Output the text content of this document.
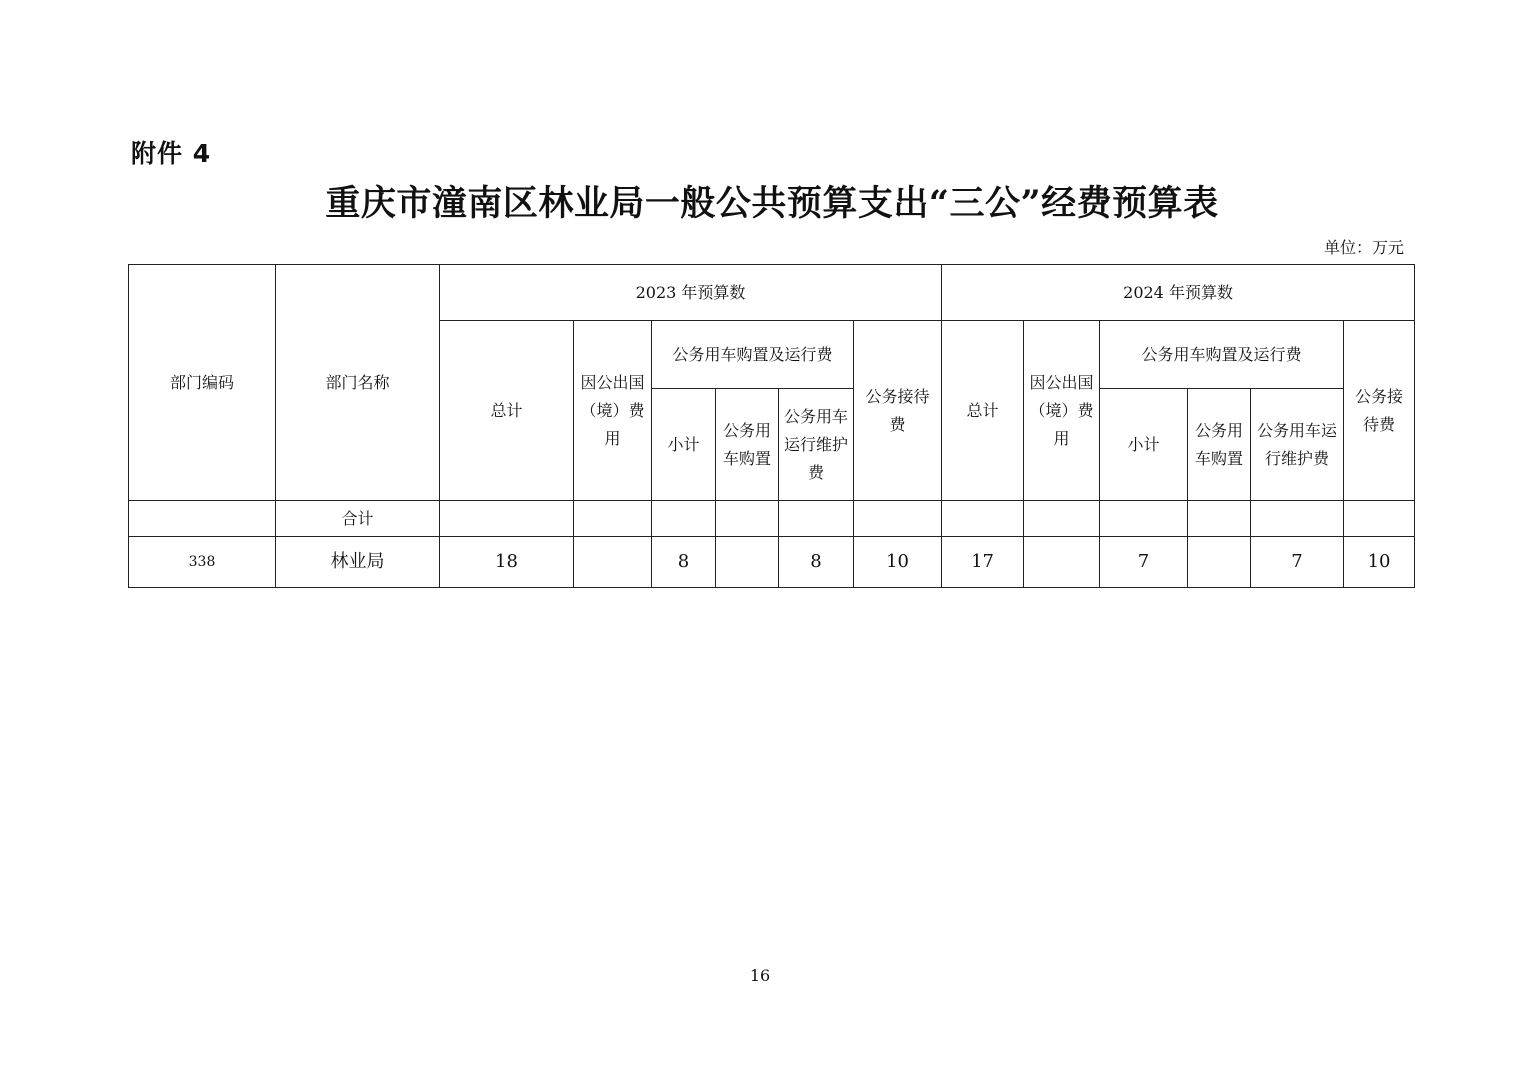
附件 4
重庆市潼南区林业局一般公共预算支出“三公”经费预算表
单位：万元
部门编码	部门名称	2023 年预算数						2024 年预算数					
		总计	因公出国（境）费用	公务用车购置及运行费			公务接待费	总计	因公出国（境）费用	公务用车购置及运行费			公务接待费
				小计	公务用车购置	公务用车运行维护费				小计	公务用车购置	公务用车运行维护费	
	合计												
338	林业局	18		8		8	10	17		7		7	10
16
